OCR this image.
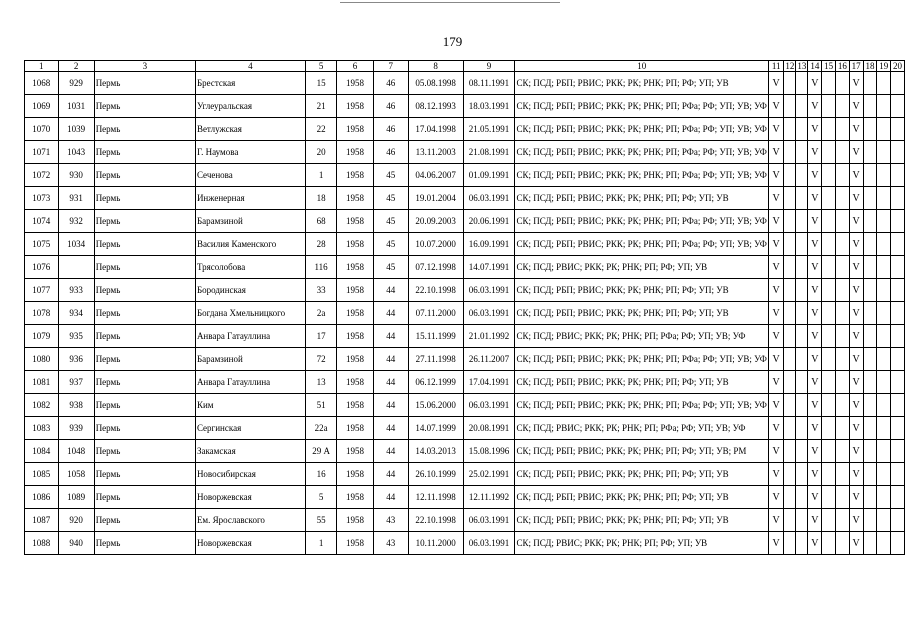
179
1	2	3	4	5	6	7	8	9	10	11	12	13	14	15	16	17	18	19	20
1068	929	Пермь	Брестская	15	1958	46	05.08.1998	08.11.1991	СК; ПСД; РБП; РВИС; РКК; РК; РНК; РП; РФ; УП; УВ	V			V			V			
1069	1031	Пермь	Углеуральская	21	1958	46	08.12.1993	18.03.1991	СК; ПСД; РБП; РВИС; РКК; РК; РНК; РП; РФа; РФ; УП; УВ; УФ	V			V			V			
1070	1039	Пермь	Ветлужская	22	1958	46	17.04.1998	21.05.1991	СК; ПСД; РБП; РВИС; РКК; РК; РНК; РП; РФа; РФ; УП; УВ; УФ	V			V			V			
1071	1043	Пермь	Г. Наумова	20	1958	46	13.11.2003	21.08.1991	СК; ПСД; РБП; РВИС; РКК; РК; РНК; РП; РФа; РФ; УП; УВ; УФ	V			V			V			
1072	930	Пермь	Сеченова	1	1958	45	04.06.2007	01.09.1991	СК; ПСД; РБП; РВИС; РКК; РК; РНК; РП; РФа; РФ; УП; УВ; УФ	V			V			V			
1073	931	Пермь	Инженерная	18	1958	45	19.01.2004	06.03.1991	СК; ПСД; РБП; РВИС; РКК; РК; РНК; РП; РФ; УП; УВ	V			V			V			
1074	932	Пермь	Барамзиной	68	1958	45	20.09.2003	20.06.1991	СК; ПСД; РБП; РВИС; РКК; РК; РНК; РП; РФа; РФ; УП; УВ; УФ	V			V			V			
1075	1034	Пермь	Василия Каменского	28	1958	45	10.07.2000	16.09.1991	СК; ПСД; РБП; РВИС; РКК; РК; РНК; РП; РФа; РФ; УП; УВ; УФ	V			V			V			
1076		Пермь	Трясолобова	116	1958	45	07.12.1998	14.07.1991	СК; ПСД; РВИС; РКК; РК; РНК; РП; РФ; УП; УВ	V			V			V			
1077	933	Пермь	Бородинская	33	1958	44	22.10.1998	06.03.1991	СК; ПСД; РБП; РВИС; РКК; РК; РНК; РП; РФ; УП; УВ	V			V			V			
1078	934	Пермь	Богдана Хмельницкого	2а	1958	44	07.11.2000	06.03.1991	СК; ПСД; РБП; РВИС; РКК; РК; РНК; РП; РФ; УП; УВ	V			V			V			
1079	935	Пермь	Анвара Гатауллина	17	1958	44	15.11.1999	21.01.1992	СК; ПСД; РВИС; РКК; РК; РНК; РП; РФа; РФ; УП; УВ; УФ	V			V			V			
1080	936	Пермь	Барамзиной	72	1958	44	27.11.1998	26.11.2007	СК; ПСД; РБП; РВИС; РКК; РК; РНК; РП; РФа; РФ; УП; УВ; УФ	V			V			V			
1081	937	Пермь	Анвара Гатауллина	13	1958	44	06.12.1999	17.04.1991	СК; ПСД; РБП; РВИС; РКК; РК; РНК; РП; РФ; УП; УВ	V			V			V			
1082	938	Пермь	Ким	51	1958	44	15.06.2000	06.03.1991	СК; ПСД; РБП; РВИС; РКК; РК; РНК; РП; РФа; РФ; УП; УВ; УФ	V			V			V			
1083	939	Пермь	Сергинская	22а	1958	44	14.07.1999	20.08.1991	СК; ПСД; РВИС; РКК; РК; РНК; РП; РФа; РФ; УП; УВ; УФ	V			V			V			
1084	1048	Пермь	Закамская	29 А	1958	44	14.03.2013	15.08.1996	СК; ПСД; РБП; РВИС; РКК; РК; РНК; РП; РФ; УП; УВ; РМ	V			V			V			
1085	1058	Пермь	Новосибирская	16	1958	44	26.10.1999	25.02.1991	СК; ПСД; РБП; РВИС; РКК; РК; РНК; РП; РФ; УП; УВ	V			V			V			
1086	1089	Пермь	Новоржевская	5	1958	44	12.11.1998	12.11.1992	СК; ПСД; РБП; РВИС; РКК; РК; РНК; РП; РФ; УП; УВ	V			V			V			
1087	920	Пермь	Ем. Ярославского	55	1958	43	22.10.1998	06.03.1991	СК; ПСД; РБП; РВИС; РКК; РК; РНК; РП; РФ; УП; УВ	V			V			V			
1088	940	Пермь	Новоржевская	1	1958	43	10.11.2000	06.03.1991	СК; ПСД; РВИС; РКК; РК; РНК; РП; РФ; УП; УВ	V			V			V			
